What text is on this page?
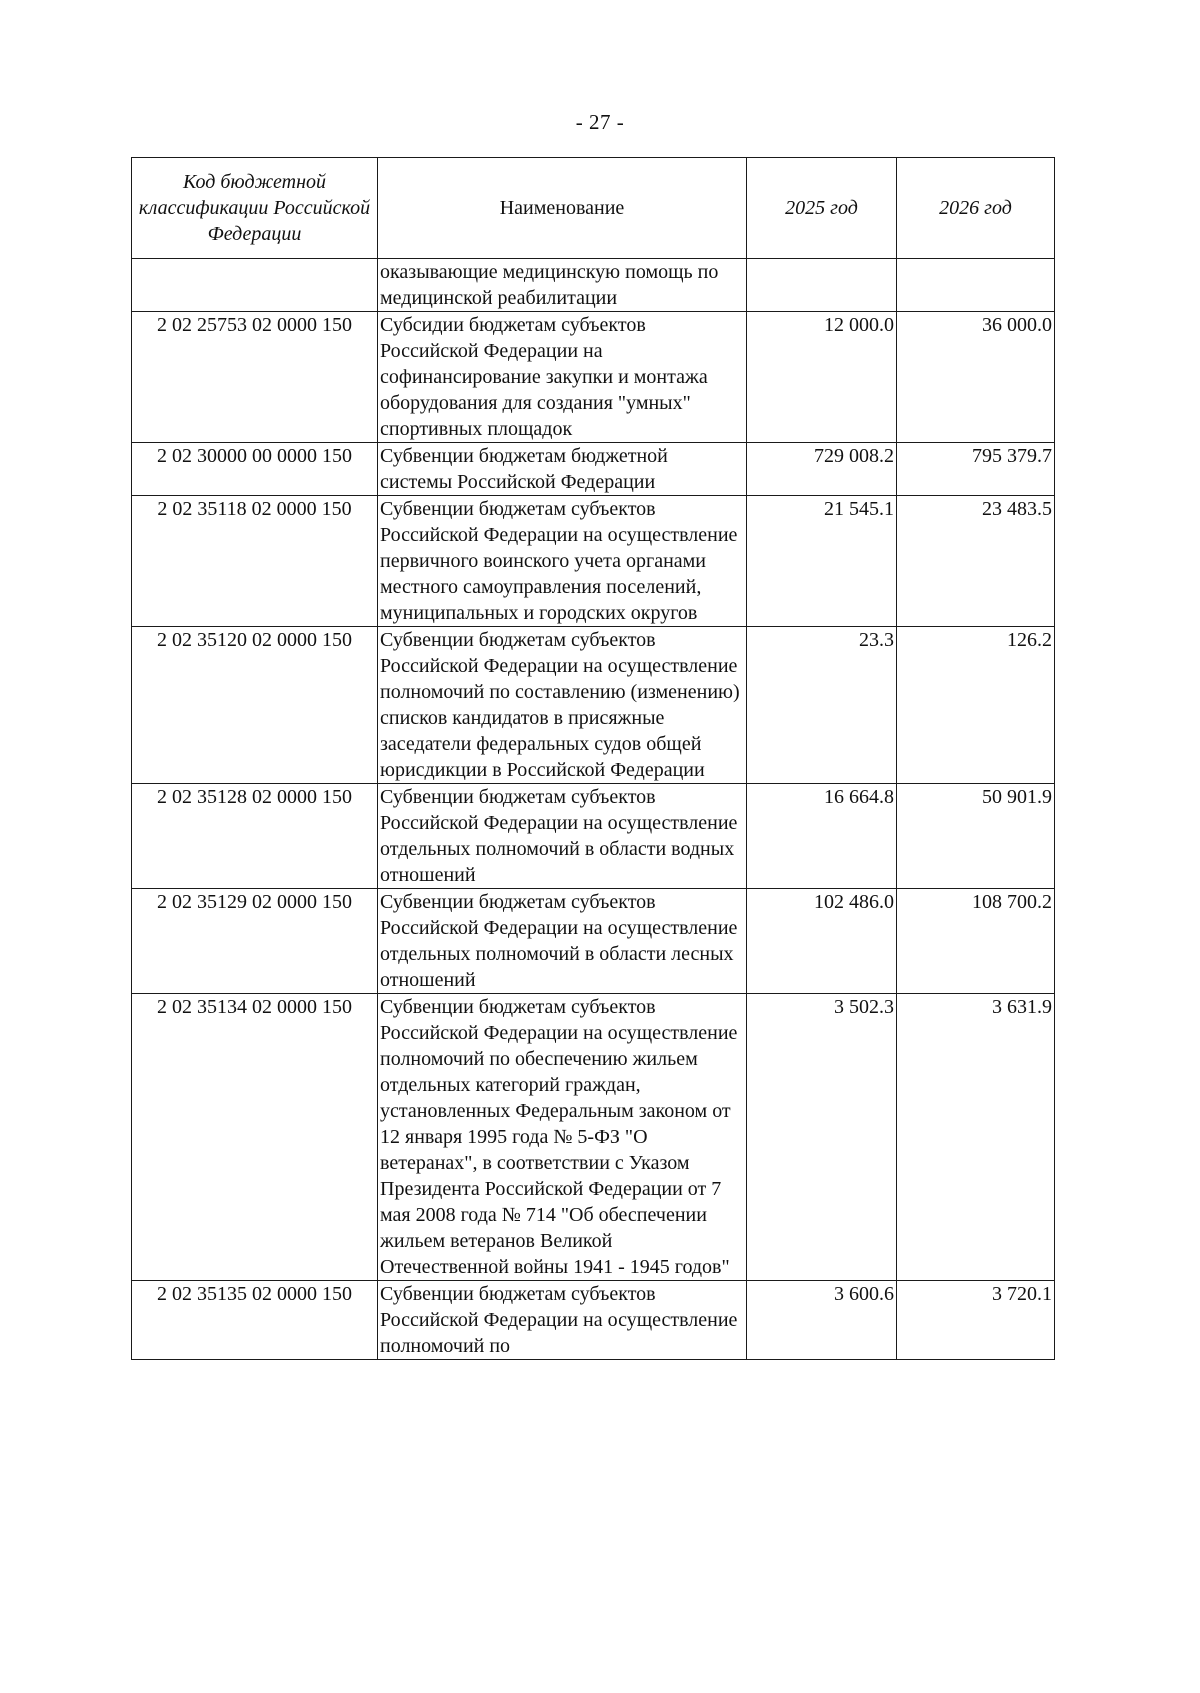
- 27 -
Код бюджетной классификации Российской Федерации	Наименование	2025 год	2026 год
	оказывающие медицинскую помощь по медицинской реабилитации		
2 02 25753 02 0000 150	Субсидии бюджетам субъектов Российской Федерации на софинансирование закупки и монтажа оборудования для создания "умных" спортивных площадок	12 000.0	36 000.0
2 02 30000 00 0000 150	Субвенции бюджетам бюджетной системы Российской Федерации	729 008.2	795 379.7
2 02 35118 02 0000 150	Субвенции бюджетам субъектов Российской Федерации на осуществление первичного воинского учета органами местного самоуправления поселений, муниципальных и городских округов	21 545.1	23 483.5
2 02 35120 02 0000 150	Субвенции бюджетам субъектов Российской Федерации на осуществление полномочий по составлению (изменению) списков кандидатов в присяжные заседатели федеральных судов общей юрисдикции в Российской Федерации	23.3	126.2
2 02 35128 02 0000 150	Субвенции бюджетам субъектов Российской Федерации на осуществление отдельных полномочий в области водных отношений	16 664.8	50 901.9
2 02 35129 02 0000 150	Субвенции бюджетам субъектов Российской Федерации на осуществление отдельных полномочий в области лесных отношений	102 486.0	108 700.2
2 02 35134 02 0000 150	Субвенции бюджетам субъектов Российской Федерации на осуществление полномочий по обеспечению жильем отдельных категорий граждан, установленных Федеральным законом от 12 января 1995 года № 5-ФЗ "О ветеранах", в соответствии с Указом Президента Российской Федерации от 7 мая 2008 года № 714 "Об обеспечении жильем ветеранов Великой Отечественной войны 1941 - 1945 годов"	3 502.3	3 631.9
2 02 35135 02 0000 150	Субвенции бюджетам субъектов Российской Федерации на осуществление полномочий по	3 600.6	3 720.1
